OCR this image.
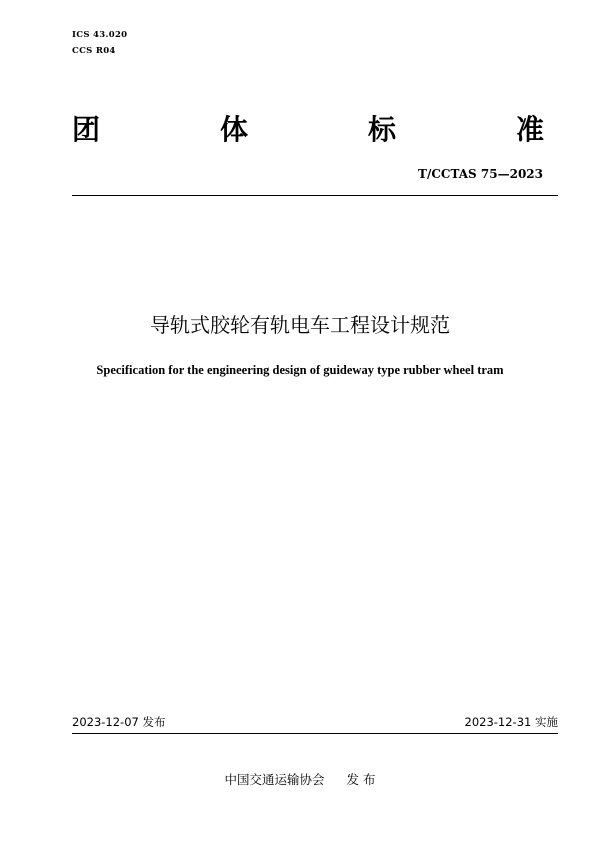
ICS 43.020
CCS R04
团	体	标	准
T/CCTAS 75—2023
导轨式胶轮有轨电车工程设计规范
Specification for the engineering design of guideway type rubber wheel tram
2023-12-07 发布	2023-12-31 实施
中国交通运输协会 发 布
